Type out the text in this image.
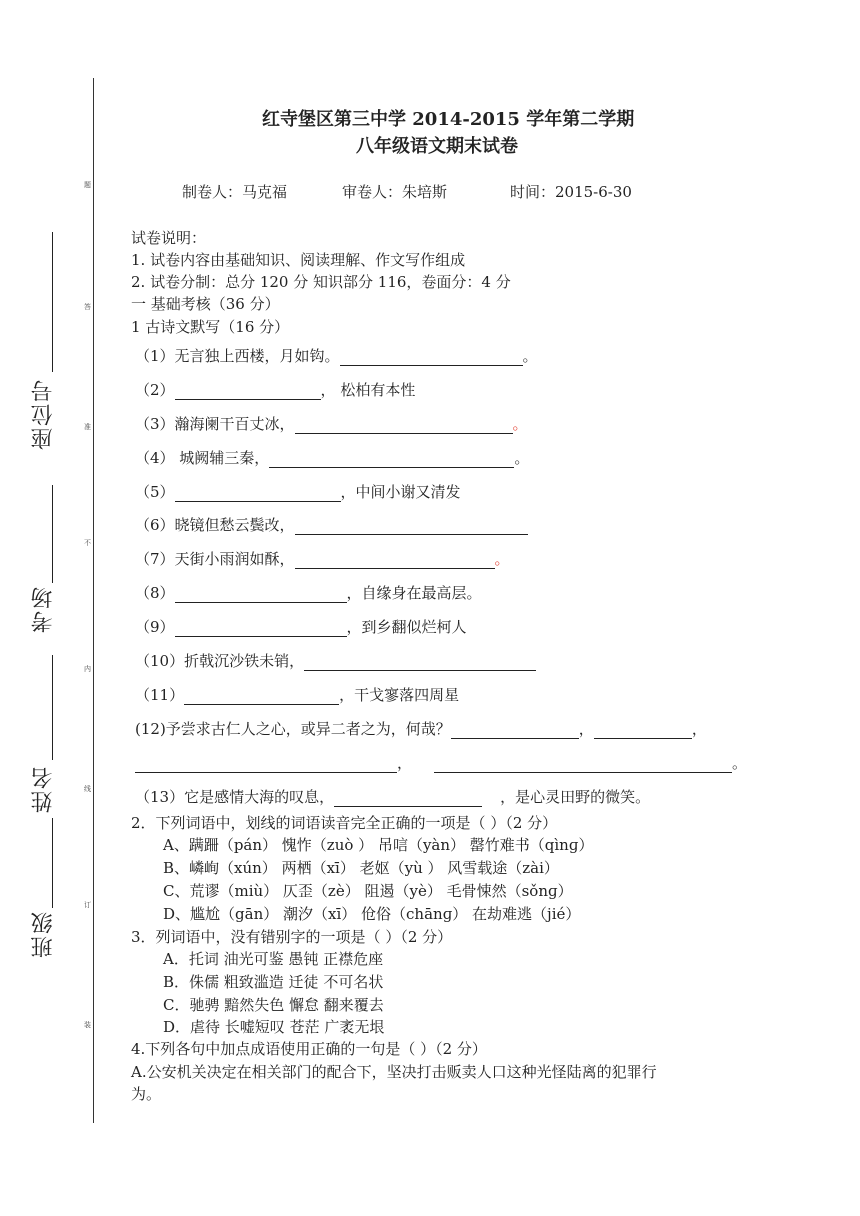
题
答
准
不
内
线
订
装
座位号
考场
姓名
班级
红寺堡区第三中学 2014-2015 学年第二学期
八年级语文期末试卷
制卷人：马克福	审卷人：朱培斯	时间：2015-6-30
试卷说明：
1. 试卷内容由基础知识、阅读理解、作文写作组成
2. 试卷分制：总分 120 分 知识部分 116，卷面分：4 分
一 基础考核（36 分）
1 古诗文默写（16 分）
（1）无言独上西楼，月如钩。	。
（2）	， 松柏有本性
（3）瀚海阑干百丈冰，	。
（4） 城阙辅三秦，	。
（5）	，中间小谢又清发
（6）晓镜但愁云鬓改，
（7）天街小雨润如酥，	。
（8）	，自缘身在最高层。
（9）	，到乡翻似烂柯人
（10）折戟沉沙铁未销，
（11）	，干戈寥落四周星
(12)予尝求古仁人之心，或异二者之为，何哉？	，	，
，	。
（13）它是感情大海的叹息，	，是心灵田野的微笑。
2．下列词语中，划线的词语读音完全正确的一项是（ ）（2 分）
A、蹒跚（pán） 愧怍（zuò ） 吊唁（yàn） 罄竹难书（qìnɡ）
B、嶙峋（xún） 两栖（xī） 老妪（yù ） 风雪载途（zài）
C、荒谬（miù） 仄歪（zè） 阻遏（yè） 毛骨悚然（sǒnɡ）
D、尴尬（gān） 潮汐（xī） 伧俗（chānɡ） 在劫难逃（jié）
3．列词语中，没有错别字的一项是（ ）（2 分）
A．托词 油光可鉴 愚钝 正襟危座
B．侏儒 粗致滥造 迁徒 不可名状
C．驰骋 黯然失色 懈怠 翻来覆去
D．虐待 长嘘短叹 苍茫 广袤无垠
4.下列各句中加点成语使用正确的一句是（ ）（2 分）
A.公安机关决定在相关部门的配合下，坚决打击贩卖人口这种光怪陆离的犯罪行
为。
